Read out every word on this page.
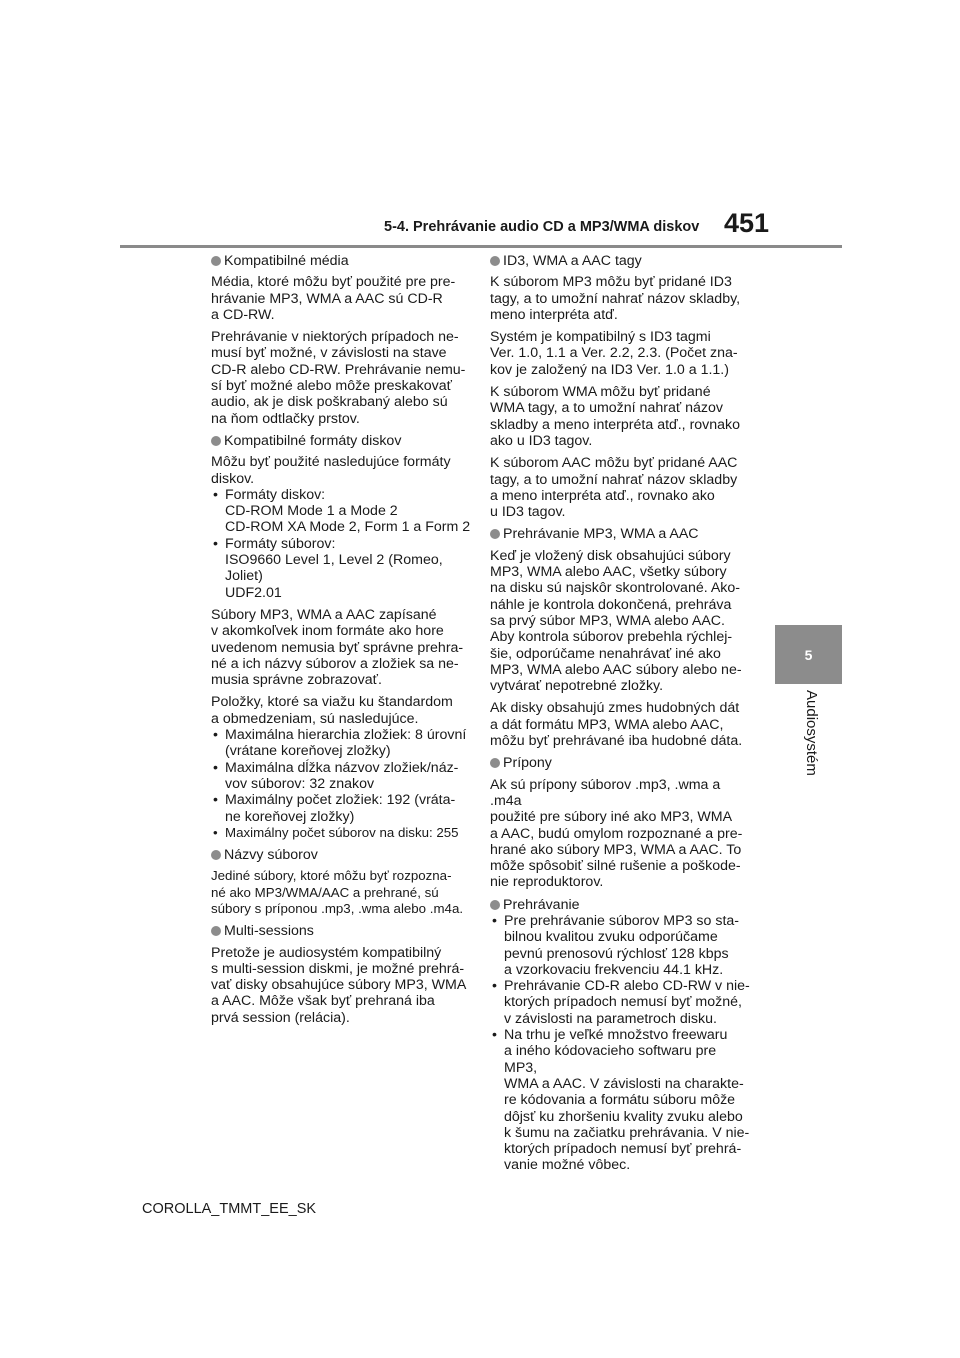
5-4. Prehrávanie audio CD a MP3/WMA diskov 451
5
Audiosystém

Kompatibilné média

Média, ktoré môžu byť použité pre pre-
hrávanie MP3, WMA a AAC sú CD-R
a CD-RW.

Prehrávanie v niektorých prípadoch ne-
musí byť možné, v závislosti na stave
CD-R alebo CD-RW. Prehrávanie nemu-
sí byť možné alebo môže preskakovať
audio, ak je disk poškrabaný alebo sú
na ňom odtlačky prstov.

Kompatibilné formáty diskov

Môžu byť použité nasledujúce formáty
diskov.

• Formáty diskov:
CD-ROM Mode 1 a Mode 2
CD-ROM XA Mode 2, Form 1 a Form 2
• Formáty súborov:
ISO9660 Level 1, Level 2 (Romeo,
Joliet)
UDF2.01

Súbory MP3, WMA a AAC zapísané
v akomkoľvek inom formáte ako hore
uvedenom nemusia byť správne prehra-
né a ich názvy súborov a zložiek sa ne-
musia správne zobrazovať.

Položky, ktoré sa viažu ku štandardom
a obmedzeniam, sú nasledujúce.

• Maximálna hierarchia zložiek: 8 úrovní
(vrátane koreňovej zložky)
• Maximálna dĺžka názvov zložiek/náz-
vov súborov: 32 znakov
• Maximálny počet zložiek: 192 (vráta-
ne koreňovej zložky)
• Maximálny počet súborov na disku: 255

Názvy súborov

Jediné súbory, ktoré môžu byť rozpozna-
né ako MP3/WMA/AAC a prehrané, sú
súbory s príponou .mp3, .wma alebo .m4a.

Multi-sessions

Pretože je audiosystém kompatibilný
s multi-session diskmi, je možné prehrá-
vať disky obsahujúce súbory MP3, WMA
a AAC. Môže však byť prehraná iba
prvá session (relácia).

ID3, WMA a AAC tagy

K súborom MP3 môžu byť pridané ID3
tagy, a to umožní nahrať názov skladby,
meno interpréta atď.

Systém je kompatibilný s ID3 tagmi
Ver. 1.0, 1.1 a Ver. 2.2, 2.3. (Počet zna-
kov je založený na ID3 Ver. 1.0 a 1.1.)

K súborom WMA môžu byť pridané
WMA tagy, a to umožní nahrať názov
skladby a meno interpréta atď., rovnako
ako u ID3 tagov.

K súborom AAC môžu byť pridané AAC
tagy, a to umožní nahrať názov skladby
a meno interpréta atď., rovnako ako
u ID3 tagov.

Prehrávanie MP3, WMA a AAC

Keď je vložený disk obsahujúci súbory
MP3, WMA alebo AAC, všetky súbory
na disku sú najskôr skontrolované. Ako-
náhle je kontrola dokončená, prehráva
sa prvý súbor MP3, WMA alebo AAC.
Aby kontrola súborov prebehla rýchlej-
šie, odporúčame nenahrávať iné ako
MP3, WMA alebo AAC súbory alebo ne-
vytvárať nepotrebné zložky.

Ak disky obsahujú zmes hudobných dát
a dát formátu MP3, WMA alebo AAC,
môžu byť prehrávané iba hudobné dáta.

Prípony

Ak sú prípony súborov .mp3, .wma a .m4a
použité pre súbory iné ako MP3, WMA
a AAC, budú omylom rozpoznané a pre-
hrané ako súbory MP3, WMA a AAC. To
môže spôsobiť silné rušenie a poškode-
nie reproduktorov.

Prehrávanie

• Pre prehrávanie súborov MP3 so sta-
bilnou kvalitou zvuku odporúčame
pevnú prenosovú rýchlosť 128 kbps
a vzorkovaciu frekvenciu 44.1 kHz.
• Prehrávanie CD-R alebo CD-RW v nie-
ktorých prípadoch nemusí byť možné,
v závislosti na parametroch disku.
• Na trhu je veľké množstvo freewaru
a iného kódovacieho softwaru pre MP3,
WMA a AAC. V závislosti na charakte-
re kódovania a formátu súboru môže
dôjsť ku zhoršeniu kvality zvuku alebo
k šumu na začiatku prehrávania. V nie-
ktorých prípadoch nemusí byť prehrá-
vanie možné vôbec.
COROLLA_TMMT_EE_SK
